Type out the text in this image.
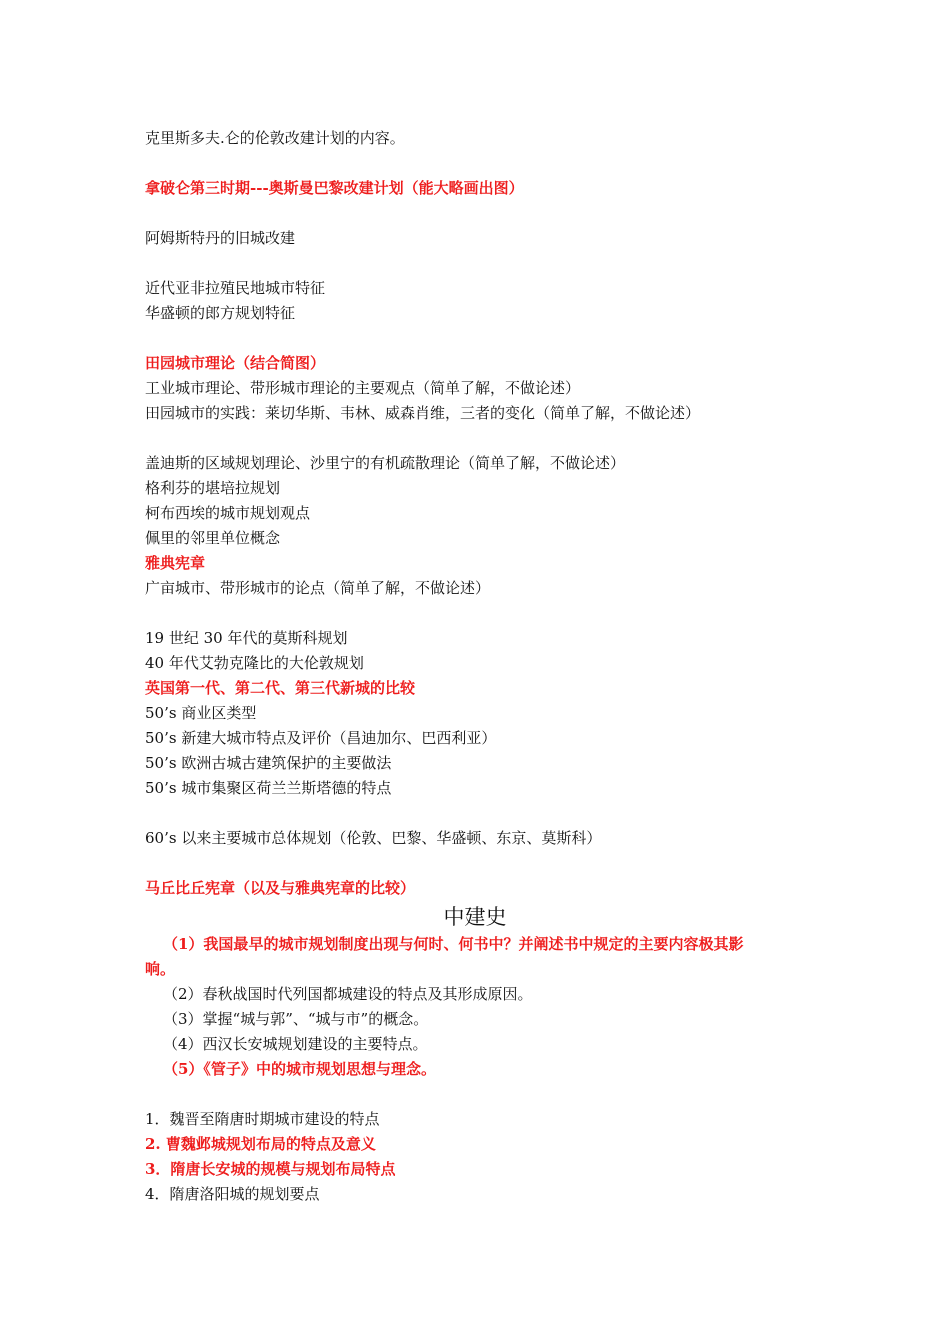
克里斯多夫.仑的伦敦改建计划的内容。
拿破仑第三时期---奥斯曼巴黎改建计划（能大略画出图）
阿姆斯特丹的旧城改建
近代亚非拉殖民地城市特征
华盛顿的郎方规划特征
田园城市理论（结合简图）
工业城市理论、带形城市理论的主要观点（简单了解，不做论述）
田园城市的实践：莱切华斯、韦林、威森肖维，三者的变化（简单了解，不做论述）
盖迪斯的区域规划理论、沙里宁的有机疏散理论（简单了解，不做论述）
格利芬的堪培拉规划
柯布西埃的城市规划观点
佩里的邻里单位概念
雅典宪章
广亩城市、带形城市的论点（简单了解，不做论述）
19 世纪 30 年代的莫斯科规划
40 年代艾勃克隆比的大伦敦规划
英国第一代、第二代、第三代新城的比较
50’s 商业区类型
50’s 新建大城市特点及评价（昌迪加尔、巴西利亚）
50’s 欧洲古城古建筑保护的主要做法
50’s 城市集聚区荷兰兰斯塔德的特点
60’s 以来主要城市总体规划（伦敦、巴黎、华盛顿、东京、莫斯科）
马丘比丘宪章（以及与雅典宪章的比较）
中建史
（1）我国最早的城市规划制度出现与何时、何书中？并阐述书中规定的主要内容极其影
响。
（2）春秋战国时代列国都城建设的特点及其形成原因。
（3）掌握“城与郭”、“城与市”的概念。
（4）西汉长安城规划建设的主要特点。
（5）《管子》中的城市规划思想与理念。
1．魏晋至隋唐时期城市建设的特点
2. 曹魏邺城规划布局的特点及意义
3．隋唐长安城的规模与规划布局特点
4．隋唐洛阳城的规划要点
